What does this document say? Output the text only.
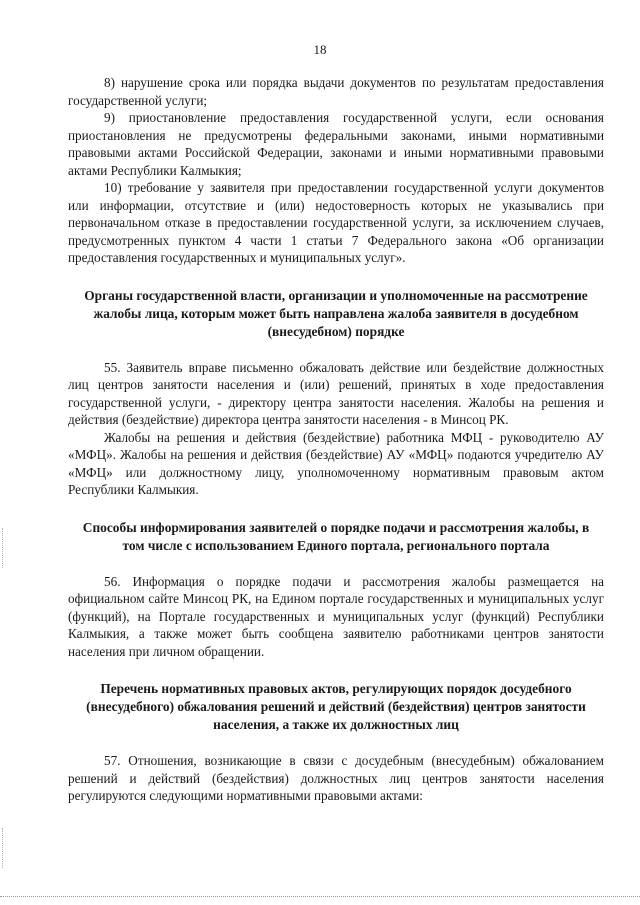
18

8) нарушение срока или порядка выдачи документов по результатам предоставления государственной услуги;

9) приостановление предоставления государственной услуги, если основания приостановления не предусмотрены федеральными законами, иными нормативными правовыми актами Российской Федерации, законами и иными нормативными правовыми актами Республики Калмыкия;

10) требование у заявителя при предоставлении государственной услуги документов или информации, отсутствие и (или) недостоверность которых не указывались при первоначальном отказе в предоставлении государственной услуги, за исключением случаев, предусмотренных пунктом 4 части 1 статьи 7 Федерального закона «Об организации предоставления государственных и муниципальных услуг».

Органы государственной власти, организации и уполномоченные на рассмотрение жалобы лица, которым может быть направлена жалоба заявителя в досудебном (внесудебном) порядке

55. Заявитель вправе письменно обжаловать действие или бездействие должностных лиц центров занятости населения и (или) решений, принятых в ходе предоставления государственной услуги, - директору центра занятости населения. Жалобы на решения и действия (бездействие) директора центра занятости населения - в Минсоц РК.

Жалобы на решения и действия (бездействие) работника МФЦ - руководителю АУ «МФЦ». Жалобы на решения и действия (бездействие) АУ «МФЦ» подаются учредителю АУ «МФЦ» или должностному лицу, уполномоченному нормативным правовым актом Республики Калмыкия.

Способы информирования заявителей о порядке подачи и рассмотрения жалобы, в том числе с использованием Единого портала, регионального портала

56. Информация о порядке подачи и рассмотрения жалобы размещается на официальном сайте Минсоц РК, на Едином портале государственных и муниципальных услуг (функций), на Портале государственных и муниципальных услуг (функций) Республики Калмыкия, а также может быть сообщена заявителю работниками центров занятости населения при личном обращении.

Перечень нормативных правовых актов, регулирующих порядок досудебного (внесудебного) обжалования решений и действий (бездействия) центров занятости населения, а также их должностных лиц

57. Отношения, возникающие в связи с досудебным (внесудебным) обжалованием решений и действий (бездействия) должностных лиц центров занятости населения регулируются следующими нормативными правовыми актами:
